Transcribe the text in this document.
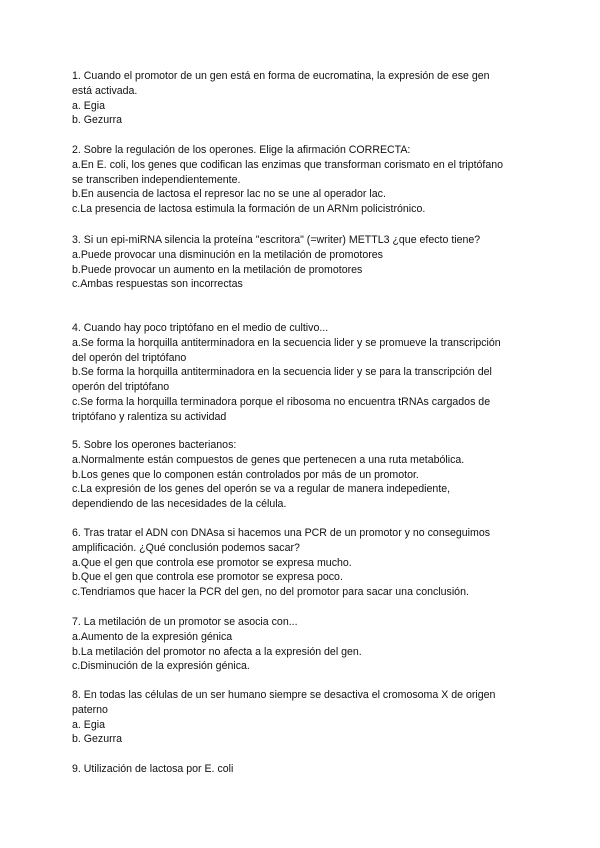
1. Cuando el promotor de un gen está en forma de eucromatina, la expresión de ese gen
está activada.
a. Egia
b. Gezurra
2. Sobre la regulación de los operones. Elige la afirmación CORRECTA:
a.En E. coli, los genes que codifican las enzimas que transforman corismato en el triptófano
se transcriben independientemente.
b.En ausencia de lactosa el represor lac no se une al operador lac.
c.La presencia de lactosa estimula la formación de un ARNm policistrónico.
3. Si un epi-miRNA silencia la proteína "escritora" (=writer) METTL3 ¿que efecto tiene?
a.Puede provocar una disminución en la metilación de promotores
b.Puede provocar un aumento en la metilación de promotores
c.Ambas respuestas son incorrectas
4. Cuando hay poco triptófano en el medio de cultivo...
a.Se forma la horquilla antiterminadora en la secuencia lider y se promueve la transcripción
del operón del triptófano
b.Se forma la horquilla antiterminadora en la secuencia lider y se para la transcripción del
operón del triptófano
c.Se forma la horquilla terminadora porque el ribosoma no encuentra tRNAs cargados de
triptófano y ralentiza su actividad
5. Sobre los operones bacterianos:
a.Normalmente están compuestos de genes que pertenecen a una ruta metabólica.
b.Los genes que lo componen están controlados por más de un promotor.
c.La expresión de los genes del operón se va a regular de manera indepediente,
dependiendo de las necesidades de la célula.
6. Tras tratar el ADN con DNAsa si hacemos una PCR de un promotor y no conseguimos
amplificación. ¿Qué conclusión podemos sacar?
a.Que el gen que controla ese promotor se expresa mucho.
b.Que el gen que controla ese promotor se expresa poco.
c.Tendriamos que hacer la PCR del gen, no del promotor para sacar una conclusión.
7. La metilación de un promotor se asocia con...
a.Aumento de la expresión génica
b.La metilación del promotor no afecta a la expresión del gen.
c.Disminución de la expresión génica.
8. En todas las células de un ser humano siempre se desactiva el cromosoma X de origen
paterno
a. Egia
b. Gezurra
9. Utilización de lactosa por E. coli
